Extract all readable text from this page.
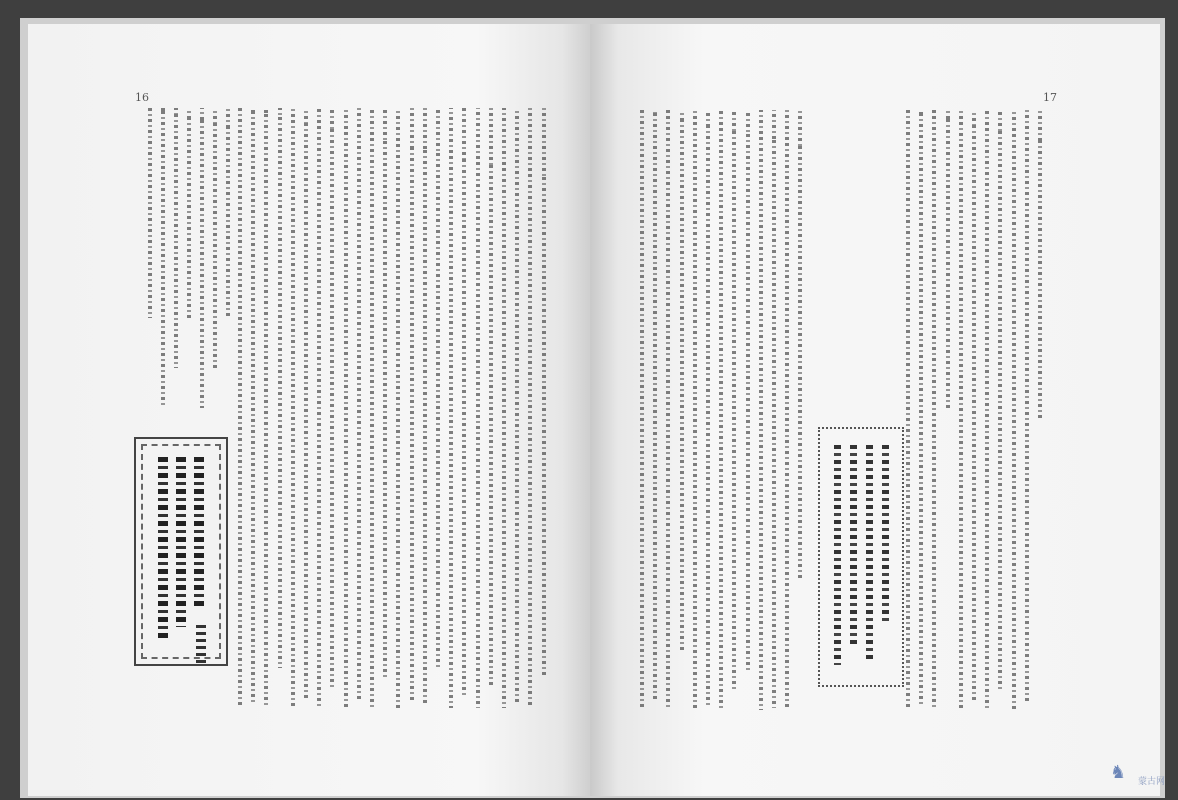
16	17
♞	蒙古网
